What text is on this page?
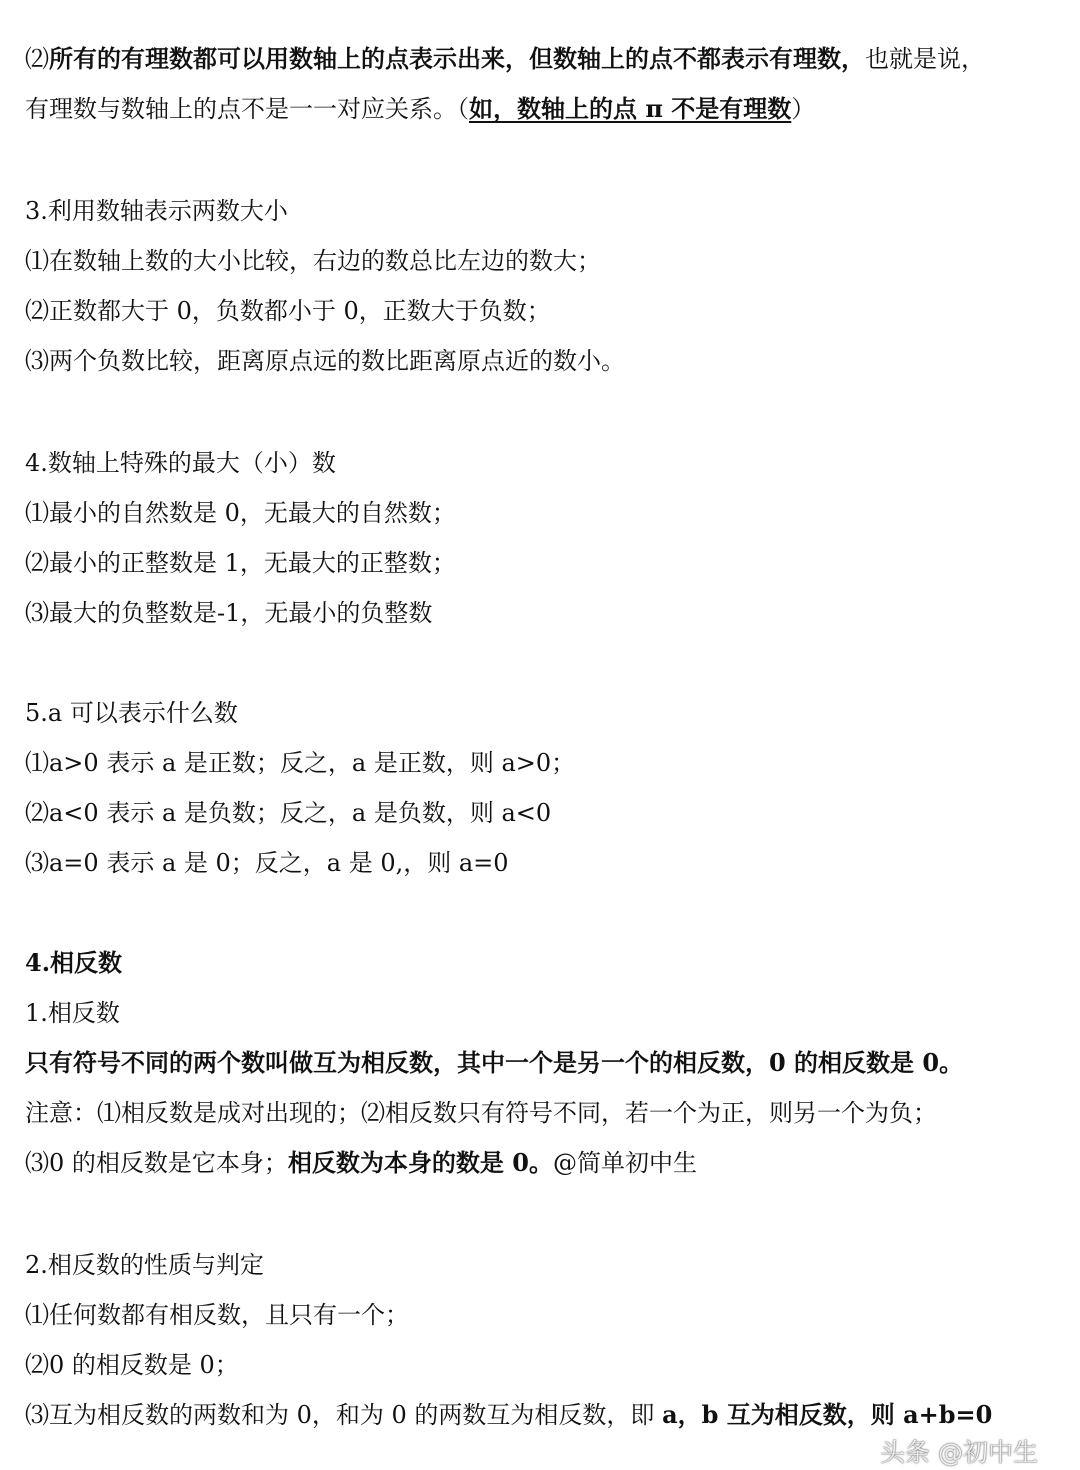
⑵所有的有理数都可以用数轴上的点表示出来，但数轴上的点不都表示有理数，也就是说，
有理数与数轴上的点不是一一对应关系。（如，数轴上的点 π 不是有理数）
3.利用数轴表示两数大小
⑴在数轴上数的大小比较，右边的数总比左边的数大；
⑵正数都大于 0，负数都小于 0，正数大于负数；
⑶两个负数比较，距离原点远的数比距离原点近的数小。
4.数轴上特殊的最大（小）数
⑴最小的自然数是 0，无最大的自然数；
⑵最小的正整数是 1，无最大的正整数；
⑶最大的负整数是-1，无最小的负整数
5.a 可以表示什么数
⑴a>0 表示 a 是正数；反之，a 是正数，则 a>0；
⑵a<0 表示 a 是负数；反之，a 是负数，则 a<0
⑶a=0 表示 a 是 0；反之，a 是 0,，则 a=0
4.相反数
1.相反数
只有符号不同的两个数叫做互为相反数，其中一个是另一个的相反数，0 的相反数是 0。
注意：⑴相反数是成对出现的；⑵相反数只有符号不同，若一个为正，则另一个为负；
⑶0 的相反数是它本身；相反数为本身的数是 0。@简单初中生
2.相反数的性质与判定
⑴任何数都有相反数，且只有一个；
⑵0 的相反数是 0；
⑶互为相反数的两数和为 0，和为 0 的两数互为相反数，即 a，b 互为相反数，则 a+b=0
头条 @初中生
